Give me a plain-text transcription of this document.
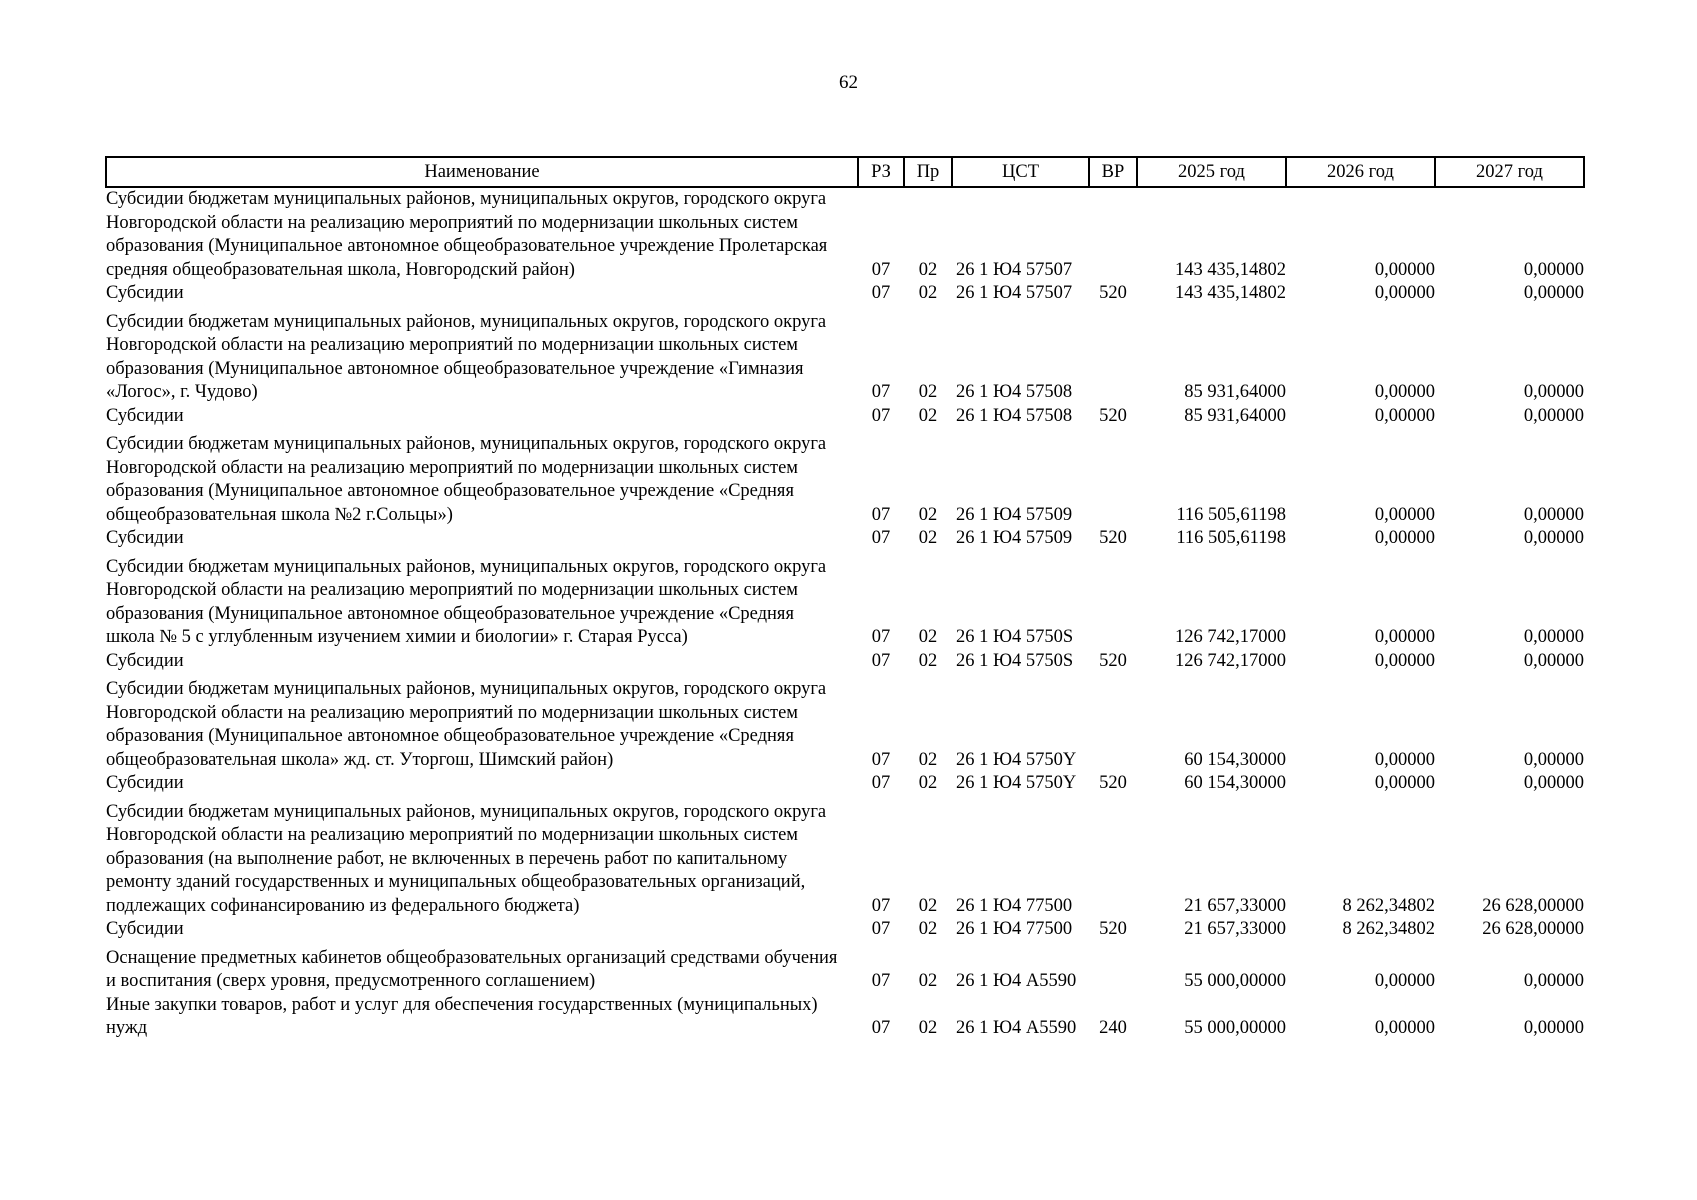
62
Наименование	РЗ	Пр	ЦСТ	ВР	2025 год	2026 год	2027 год
Субсидии бюджетам муниципальных районов, муниципальных округов, городского округа Новгородской области на реализацию мероприятий по модернизации школьных систем образования (Муниципальное автономное общеобразовательное учреждение Пролетарская средняя общеобразовательная школа, Новгородский район)	07	02	26 1 Ю4 57507		143 435,14802	0,00000	0,00000
Субсидии	07	02	26 1 Ю4 57507	520	143 435,14802	0,00000	0,00000
Субсидии бюджетам муниципальных районов, муниципальных округов, городского округа Новгородской области на реализацию мероприятий по модернизации школьных систем образования (Муниципальное автономное общеобразовательное учреждение «Гимназия «Логос», г. Чудово)	07	02	26 1 Ю4 57508		85 931,64000	0,00000	0,00000
Субсидии	07	02	26 1 Ю4 57508	520	85 931,64000	0,00000	0,00000
Субсидии бюджетам муниципальных районов, муниципальных округов, городского округа Новгородской области на реализацию мероприятий по модернизации школьных систем образования (Муниципальное автономное общеобразовательное учреждение «Средняя общеобразовательная школа №2 г.Сольцы»)	07	02	26 1 Ю4 57509		116 505,61198	0,00000	0,00000
Субсидии	07	02	26 1 Ю4 57509	520	116 505,61198	0,00000	0,00000
Субсидии бюджетам муниципальных районов, муниципальных округов, городского округа Новгородской области на реализацию мероприятий по модернизации школьных систем образования (Муниципальное автономное общеобразовательное учреждение «Средняя школа № 5 с углубленным изучением химии и биологии» г. Старая Русса)	07	02	26 1 Ю4 5750S		126 742,17000	0,00000	0,00000
Субсидии	07	02	26 1 Ю4 5750S	520	126 742,17000	0,00000	0,00000
Субсидии бюджетам муниципальных районов, муниципальных округов, городского округа Новгородской области на реализацию мероприятий по модернизации школьных систем образования (Муниципальное автономное общеобразовательное учреждение «Средняя общеобразовательная школа» жд. ст. Уторгош, Шимский район)	07	02	26 1 Ю4 5750Y		60 154,30000	0,00000	0,00000
Субсидии	07	02	26 1 Ю4 5750Y	520	60 154,30000	0,00000	0,00000
Субсидии бюджетам муниципальных районов, муниципальных округов, городского округа Новгородской области на реализацию мероприятий по модернизации школьных систем образования (на выполнение работ, не включенных в перечень работ по капитальному ремонту зданий государственных и муниципальных общеобразовательных организаций, подлежащих софинансированию из федерального бюджета)	07	02	26 1 Ю4 77500		21 657,33000	8 262,34802	26 628,00000
Субсидии	07	02	26 1 Ю4 77500	520	21 657,33000	8 262,34802	26 628,00000
Оснащение предметных кабинетов общеобразовательных организаций средствами обучения и воспитания (сверх уровня, предусмотренного соглашением)	07	02	26 1 Ю4 А5590		55 000,00000	0,00000	0,00000
Иные закупки товаров, работ и услуг для обеспечения государственных (муниципальных) нужд	07	02	26 1 Ю4 А5590	240	55 000,00000	0,00000	0,00000
